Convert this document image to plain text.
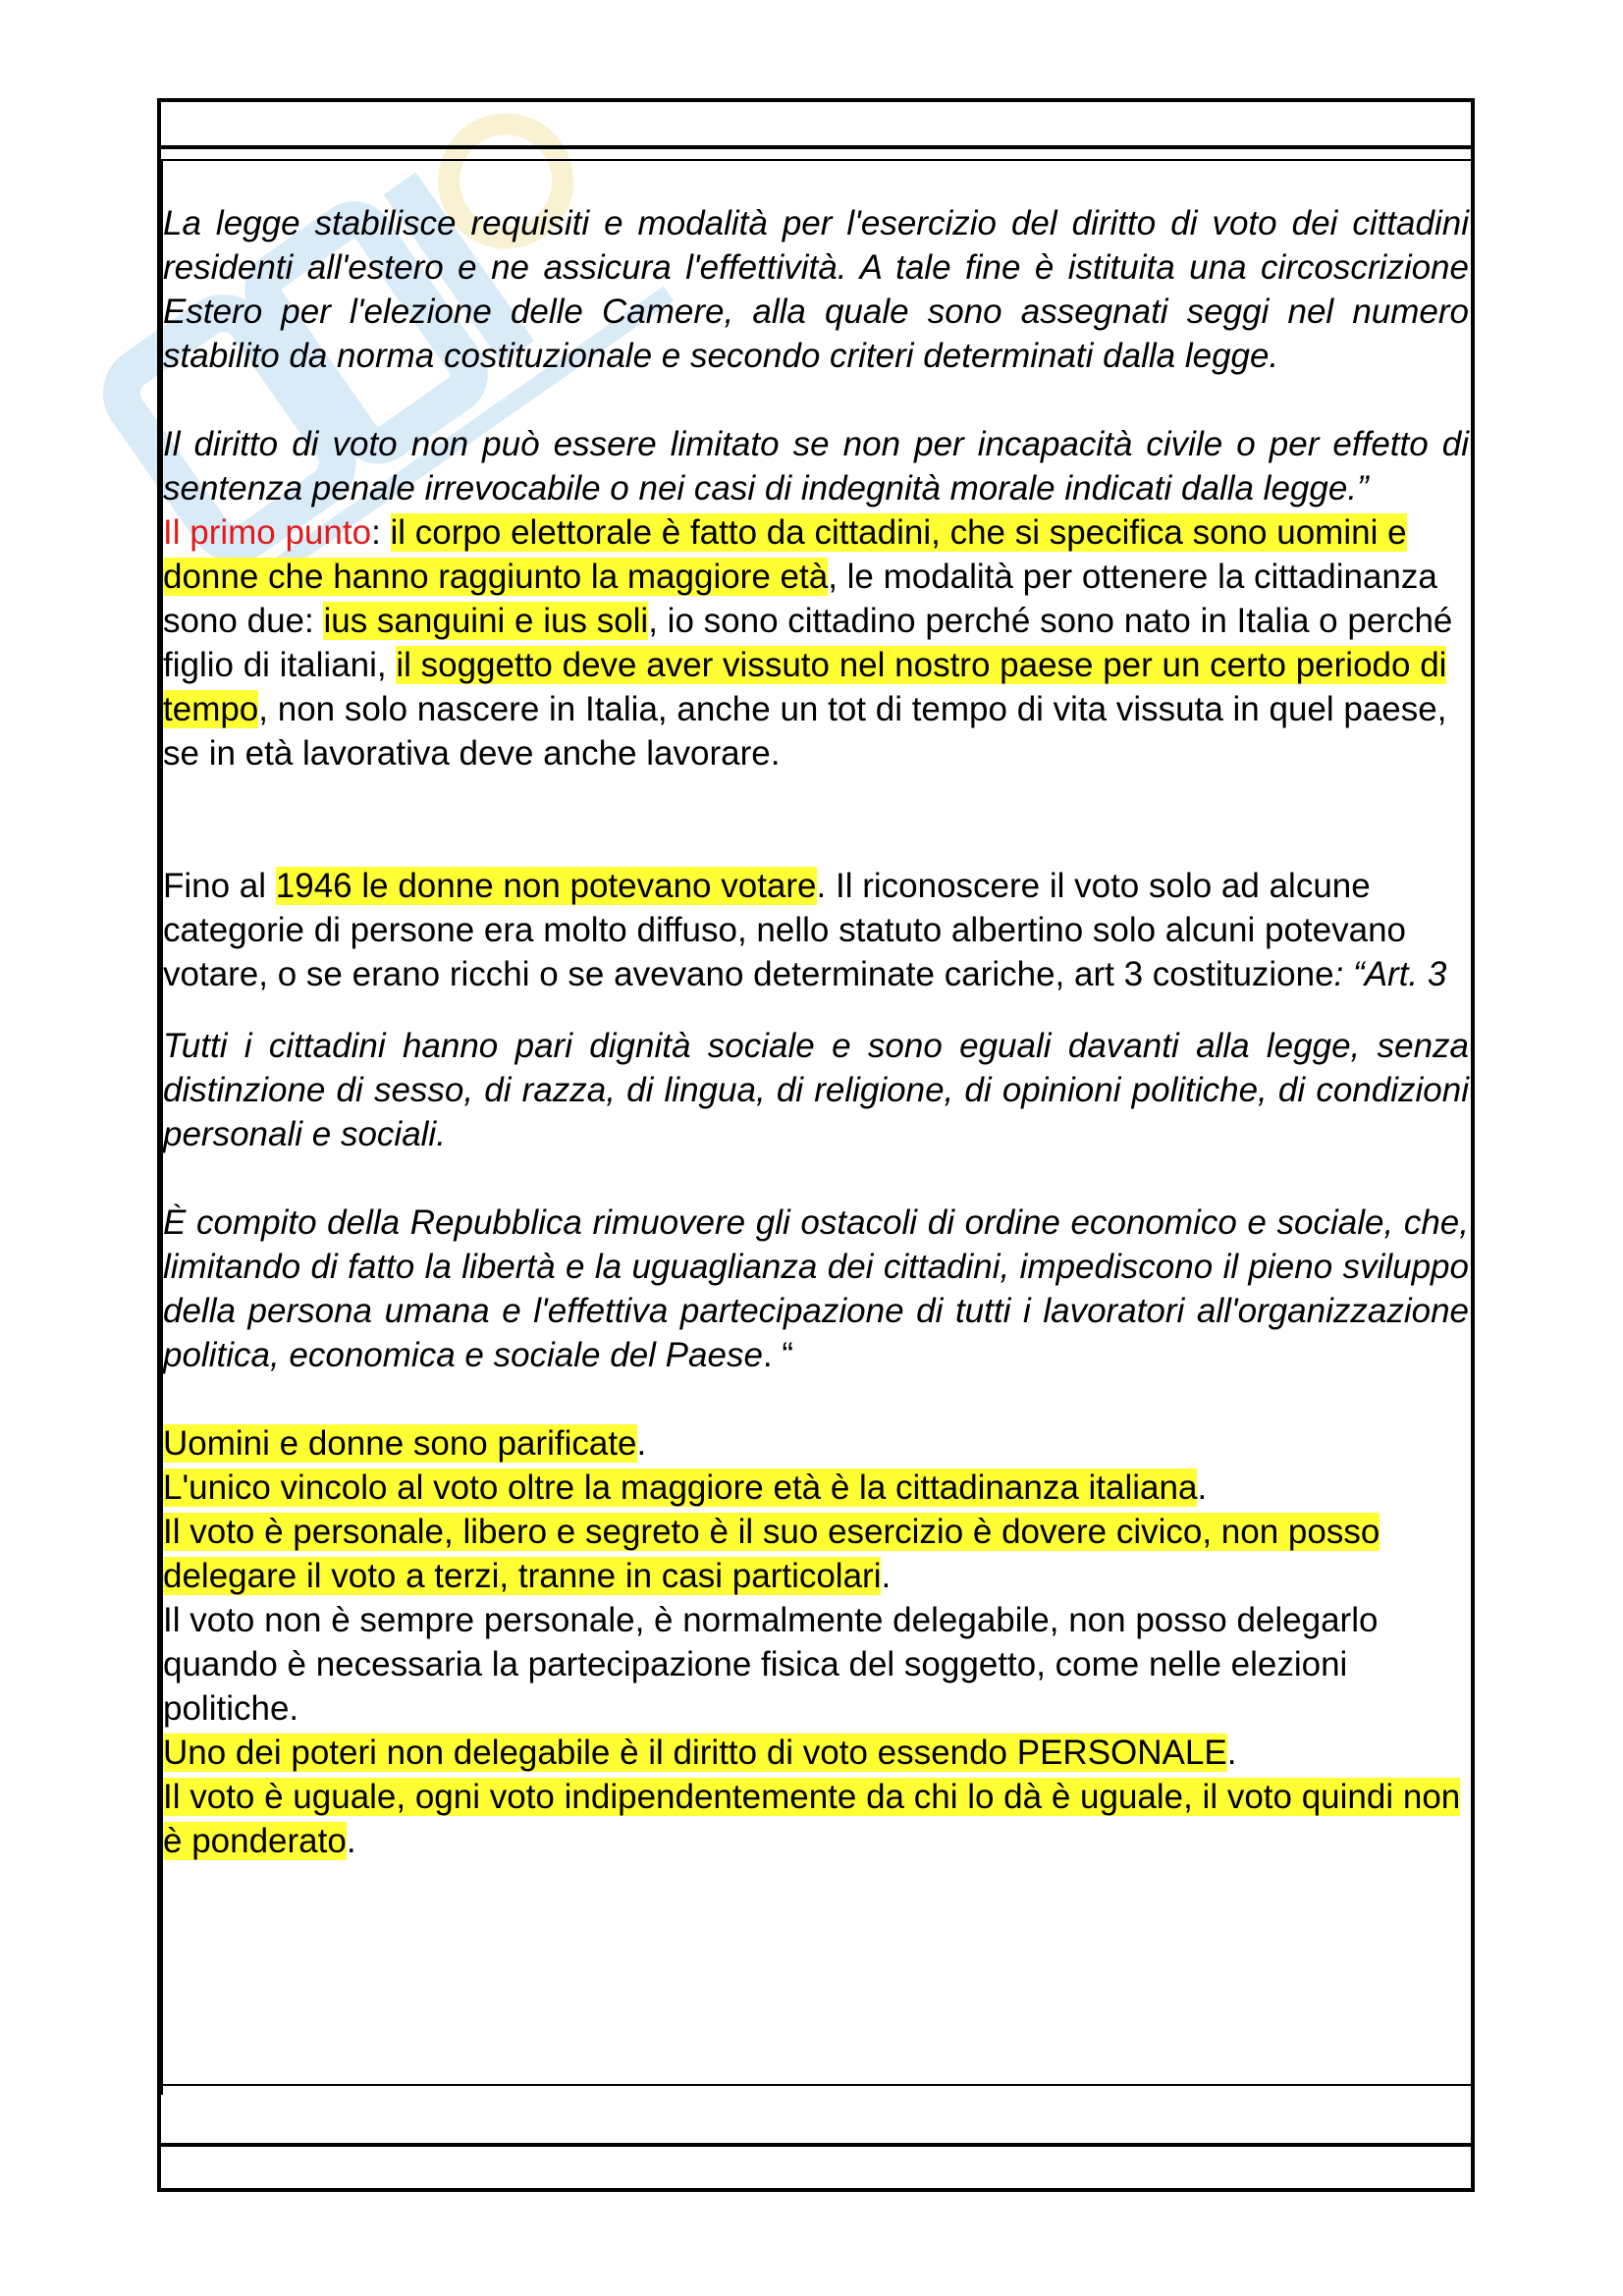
La legge stabilisce requisiti e modalità per l'esercizio del diritto di voto dei cittadini residenti all'estero e ne assicura l'effettività. A tale fine è istituita una circoscrizione Estero per l'elezione delle Camere, alla quale sono assegnati seggi nel numero stabilito da norma costituzionale e secondo criteri determinati dalla legge.

Il diritto di voto non può essere limitato se non per incapacità civile o per effetto di sentenza penale irrevocabile o nei casi di indegnità morale indicati dalla legge.”

Il primo punto: il corpo elettorale è fatto da cittadini, che si specifica sono uomini e donne che hanno raggiunto la maggiore età, le modalità per ottenere la cittadinanza sono due: ius sanguini e ius soli, io sono cittadino perché sono nato in Italia o perché figlio di italiani, il soggetto deve aver vissuto nel nostro paese per un certo periodo di tempo, non solo nascere in Italia, anche un tot di tempo di vita vissuta in quel paese, se in età lavorativa deve anche lavorare.

Fino al 1946 le donne non potevano votare. Il riconoscere il voto solo ad alcune categorie di persone era molto diffuso, nello statuto albertino solo alcuni potevano votare, o se erano ricchi o se avevano determinate cariche, art 3 costituzione: “Art. 3

Tutti i cittadini hanno pari dignità sociale e sono eguali davanti alla legge, senza distinzione di sesso, di razza, di lingua, di religione, di opinioni politiche, di condizioni personali e sociali.

È compito della Repubblica rimuovere gli ostacoli di ordine economico e sociale, che, limitando di fatto la libertà e la uguaglianza dei cittadini, impediscono il pieno sviluppo della persona umana e l'effettiva partecipazione di tutti i lavoratori all'organizzazione politica, economica e sociale del Paese. “

Uomini e donne sono parificate.

L'unico vincolo al voto oltre la maggiore età è la cittadinanza italiana.

Il voto è personale, libero e segreto è il suo esercizio è dovere civico, non posso delegare il voto a terzi, tranne in casi particolari.

Il voto non è sempre personale, è normalmente delegabile, non posso delegarlo quando è necessaria la partecipazione fisica del soggetto, come nelle elezioni politiche.

Uno dei poteri non delegabile è il diritto di voto essendo PERSONALE.

Il voto è uguale, ogni voto indipendentemente da chi lo dà è uguale, il voto quindi non è ponderato.
